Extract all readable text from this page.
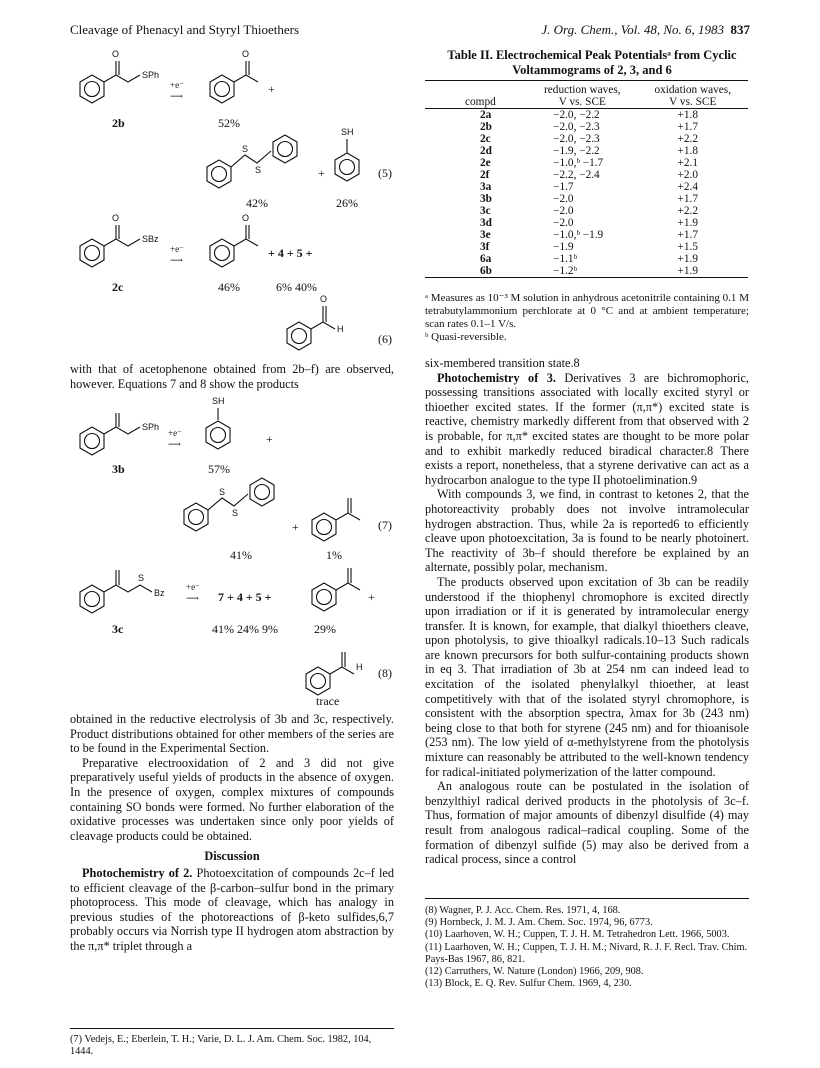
Cleavage of Phenacyl and Styryl Thioethers	J. Org. Chem., Vol. 48, No. 6, 1983 837
O
SPh
+e⁻
⟶
O
+
2b	52%
S
S
SH
+	(5)
42%	26%
O
SBz
+e⁻
⟶
O
+ 4 + 5 +
2c	46%	6% 40%
O
H
(6)

with that of acetophenone obtained from 2b–f) are observed, however. Equations 7 and 8 show the products

SPh
+e⁻
⟶
SH
+
3b	57%
S
S
+	(7)
41%	1%
S
Bz
+e⁻
⟶ 7 + 4 + 5 +	+
3c	41% 24% 9%	29%
H (8)
trace

obtained in the reductive electrolysis of 3b and 3c, respectively. Product distributions obtained for other members of the series are to be found in the Experimental Section.

Preparative electrooxidation of 2 and 3 did not give preparatively useful yields of products in the absence of oxygen. In the presence of oxygen, complex mixtures of compounds containing SO bonds were formed. No further elaboration of the oxidative processes was undertaken since only poor yields of cleavage products could be obtained.

Discussion

Photochemistry of 2. Photoexcitation of compounds 2c–f led to efficient cleavage of the β-carbon–sulfur bond in the primary photoprocess. This mode of cleavage, which has analogy in previous studies of the photoreactions of β-keto sulfides,6,7 probably occurs via Norrish type II hydrogen atom abstraction by the π,π* triplet through a

(7) Vedejs, E.; Eberlein, T. H.; Varie, D. L. J. Am. Chem. Soc. 1982, 104, 1444.
Table II. Electrochemical Peak Potentialsᵃ from Cyclic Voltammograms of 2, 3, and 6
	reduction waves,	oxidation waves,
compd	V vs. SCE	V vs. SCE
2a	−2.0, −2.2	+1.8
2b	−2.0, −2.3	+1.7
2c	−2.0, −2.3	+2.2
2d	−1.9, −2.2	+1.8
2e	−1.0,ᵇ −1.7	+2.1
2f	−2.2, −2.4	+2.0
3a	−1.7	+2.4
3b	−2.0	+1.7
3c	−2.0	+2.2
3d	−2.0	+1.9
3e	−1.0,ᵇ −1.9	+1.7
3f	−1.9	+1.5
6a	−1.1ᵇ	+1.9
6b	−1.2ᵇ	+1.9
ᵃ Measures as 10⁻³ M solution in anhydrous acetonitrile containing 0.1 M tetrabutylammonium perchlorate at 0 °C and at ambient temperature; scan rates 0.1–1 V/s.
ᵇ Quasi-reversible.

six-membered transition state.8

Photochemistry of 3. Derivatives 3 are bichromophoric, possessing transitions associated with locally excited styryl or thioether excited states. If the former (π,π*) excited state is reactive, chemistry markedly different from that observed with 2 is probable, for π,π* excited states are thought to be more polar and to exhibit markedly reduced biradical character.8 There exists a report, nonetheless, that a styrene derivative can act as a hydrocarbon analogue to the type II photoelimination.9

With compounds 3, we find, in contrast to ketones 2, that the photoreactivity probably does not involve intramolecular hydrogen abstraction. Thus, while 2a is reported6 to efficiently cleave upon photoexcitation, 3a is found to be nearly photoinert. The reactivity of 3b–f should therefore be explained by an alternate, possibly polar, mechanism.

The products observed upon excitation of 3b can be readily understood if the thiophenyl chromophore is excited directly upon irradiation or if it is generated by intramolecular energy transfer. It is known, for example, that dialkyl thioethers cleave, upon photolysis, to give thioalkyl radicals.10–13 Such radicals are known precursors for both sulfur-containing products shown in eq 3. That irradiation of 3b at 254 nm can indeed lead to excitation of the isolated phenylalkyl thioether, at least competitively with that of the isolated styryl chromophore, is consistent with the absorption spectra, λmax for 3b (243 nm) being close to that both for styrene (245 nm) and for thioanisole (253 nm). The low yield of α-methylstyrene from the photolysis mixture can reasonably be attributed to the well-known tendency for radical-initiated polymerization of the latter compound.

An analogous route can be postulated in the isolation of benzylthiyl radical derived products in the photolysis of 3c–f. Thus, formation of major amounts of dibenzyl disulfide (4) may result from analogous radical–radical coupling. Some of the formation of dibenzyl sulfide (5) may also be derived from a radical process, since a control

(8) Wagner, P. J. Acc. Chem. Res. 1971, 4, 168.
(9) Hornbeck, J. M. J. Am. Chem. Soc. 1974, 96, 6773.
(10) Laarhoven, W. H.; Cuppen, T. J. H. M. Tetrahedron Lett. 1966, 5003.
(11) Laarhoven, W. H.; Cuppen, T. J. H. M.; Nivard, R. J. F. Recl. Trav. Chim. Pays-Bas 1967, 86, 821.
(12) Carruthers, W. Nature (London) 1966, 209, 908.
(13) Block, E. Q. Rev. Sulfur Chem. 1969, 4, 230.
